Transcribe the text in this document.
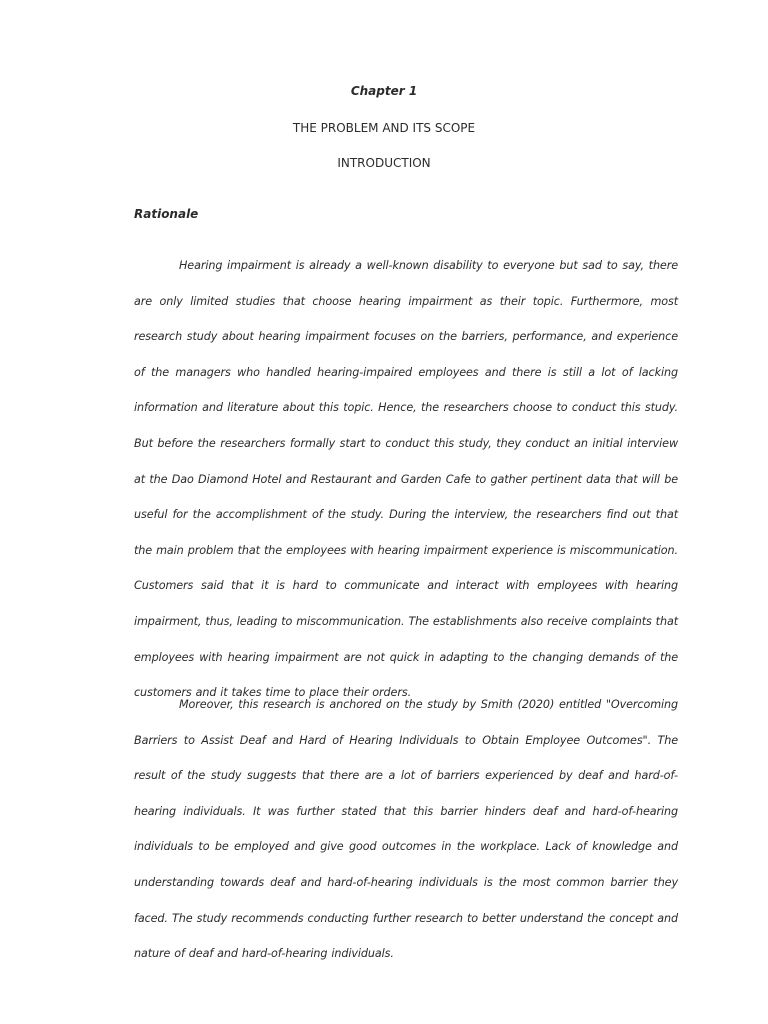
Chapter 1
THE PROBLEM AND ITS SCOPE
INTRODUCTION
Rationale

Hearing impairment is already a well-known disability to everyone but sad to say, there are only limited studies that choose hearing impairment as their topic. Furthermore, most research study about hearing impairment focuses on the barriers, performance, and experience of the managers who handled hearing-impaired employees and there is still a lot of lacking information and literature about this topic. Hence, the researchers choose to conduct this study. But before the researchers formally start to conduct this study, they conduct an initial interview at the Dao Diamond Hotel and Restaurant and Garden Cafe to gather pertinent data that will be useful for the accomplishment of the study. During the interview, the researchers find out that the main problem that the employees with hearing impairment experience is miscommunication. Customers said that it is hard to communicate and interact with employees with hearing impairment, thus, leading to miscommunication. The establishments also receive complaints that employees with hearing impairment are not quick in adapting to the changing demands of the customers and it takes time to place their orders.

Moreover, this research is anchored on the study by Smith (2020) entitled "Overcoming Barriers to Assist Deaf and Hard of Hearing Individuals to Obtain Employee Outcomes". The result of the study suggests that there are a lot of barriers experienced by deaf and hard-of-hearing individuals. It was further stated that this barrier hinders deaf and hard-of-hearing individuals to be employed and give good outcomes in the workplace. Lack of knowledge and understanding towards deaf and hard-of-hearing individuals is the most common barrier they faced. The study recommends conducting further research to better understand the concept and nature of deaf and hard-of-hearing individuals.
